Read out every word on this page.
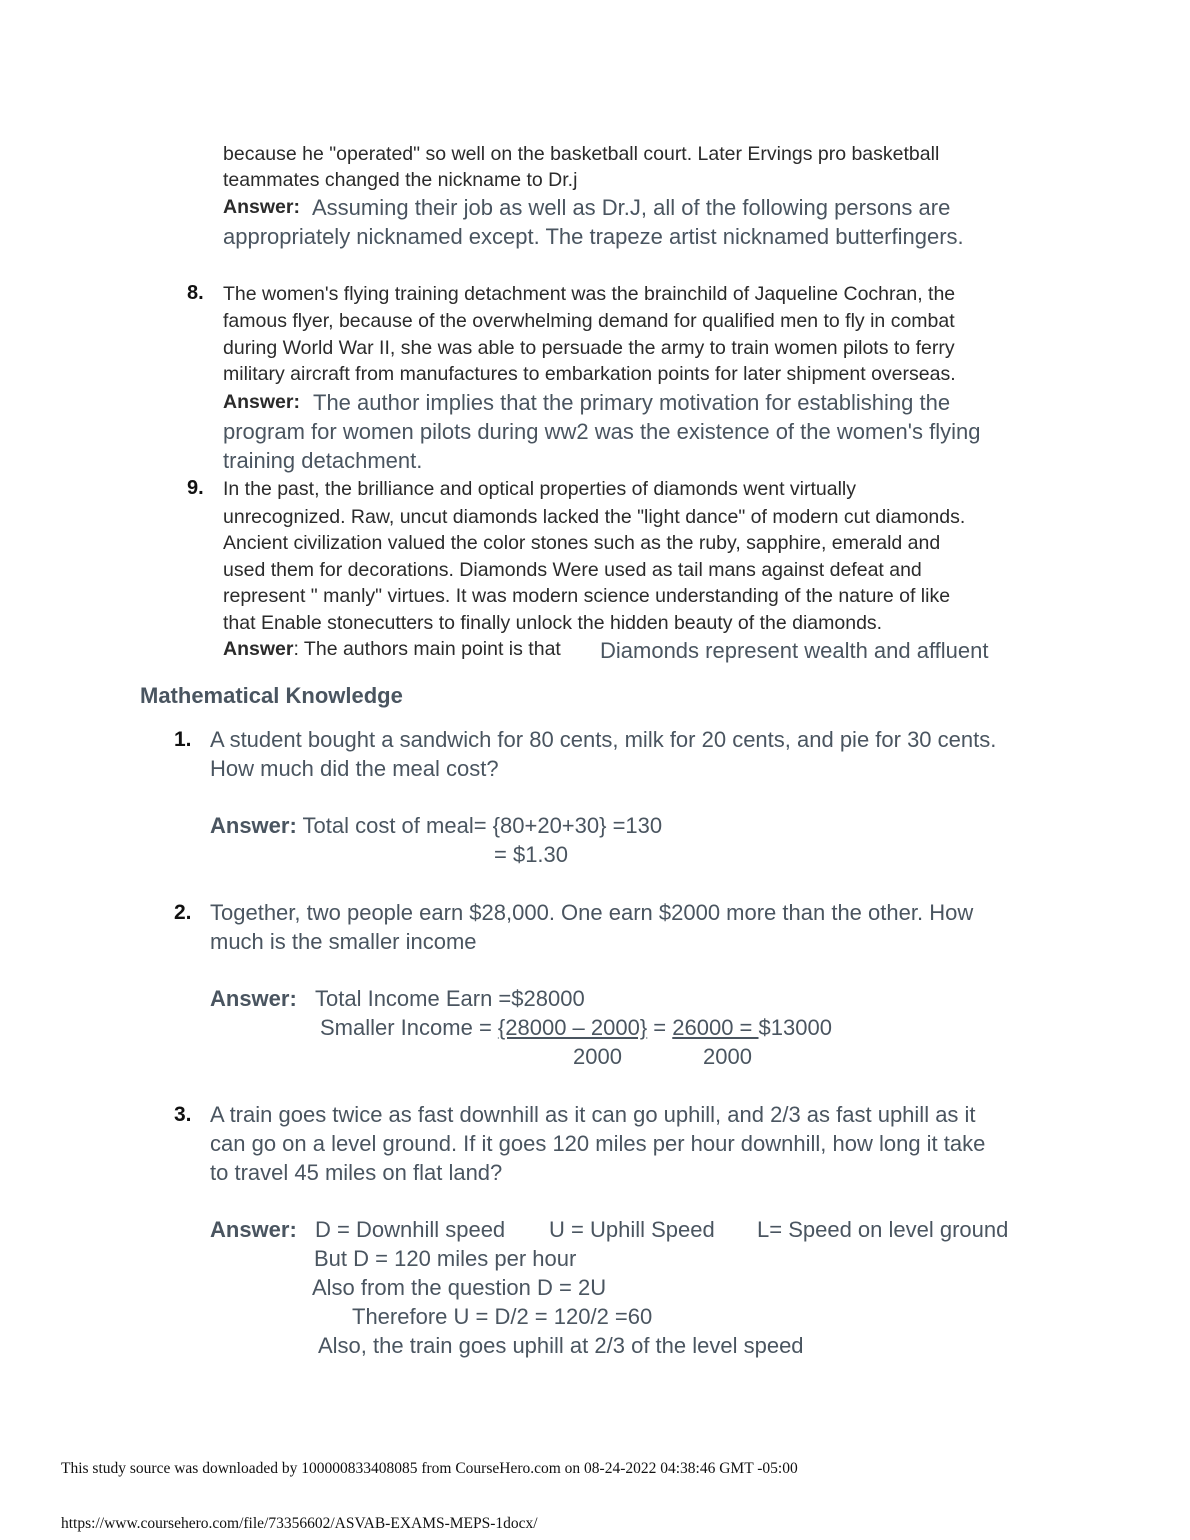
because he "operated" so well on the basketball court. Later Ervings pro basketball
teammates changed the nickname to Dr.j
Answer: Assuming their job as well as Dr.J, all of the following persons are
appropriately nicknamed except. The trapeze artist nicknamed butterfingers.
8. The women's flying training detachment was the brainchild of Jaqueline Cochran, the
famous flyer, because of the overwhelming demand for qualified men to fly in combat
during World War II, she was able to persuade the army to train women pilots to ferry
military aircraft from manufactures to embarkation points for later shipment overseas.
Answer: The author implies that the primary motivation for establishing the
program for women pilots during ww2 was the existence of the women's flying
training detachment.
9. In the past, the brilliance and optical properties of diamonds went virtually
unrecognized. Raw, uncut diamonds lacked the "light dance" of modern cut diamonds.
Ancient civilization valued the color stones such as the ruby, sapphire, emerald and
used them for decorations. Diamonds Were used as tail mans against defeat and
represent " manly" virtues. It was modern science understanding of the nature of like
that Enable stonecutters to finally unlock the hidden beauty of the diamonds.
Answer: The authors main point is that Diamonds represent wealth and affluent
Mathematical Knowledge
1. A student bought a sandwich for 80 cents, milk for 20 cents, and pie for 30 cents.
How much did the meal cost?
Answer: Total cost of meal= {80+20+30} =130
= $1.30
2. Together, two people earn $28,000. One earn $2000 more than the other. How
much is the smaller income
Answer: Total Income Earn =$28000
Smaller Income = {28000 – 2000} = 26000 = $13000
2000	2000
3. A train goes twice as fast downhill as it can go uphill, and 2/3 as fast uphill as it
can go on a level ground. If it goes 120 miles per hour downhill, how long it take
to travel 45 miles on flat land?
Answer: D = Downhill speed U = Uphill Speed L= Speed on level ground
But D = 120 miles per hour
Also from the question D = 2U
Therefore U = D/2 = 120/2 =60
Also, the train goes uphill at 2/3 of the level speed
This study source was downloaded by 100000833408085 from CourseHero.com on 08-24-2022 04:38:46 GMT -05:00
https://www.coursehero.com/file/73356602/ASVAB-EXAMS-MEPS-1docx/
